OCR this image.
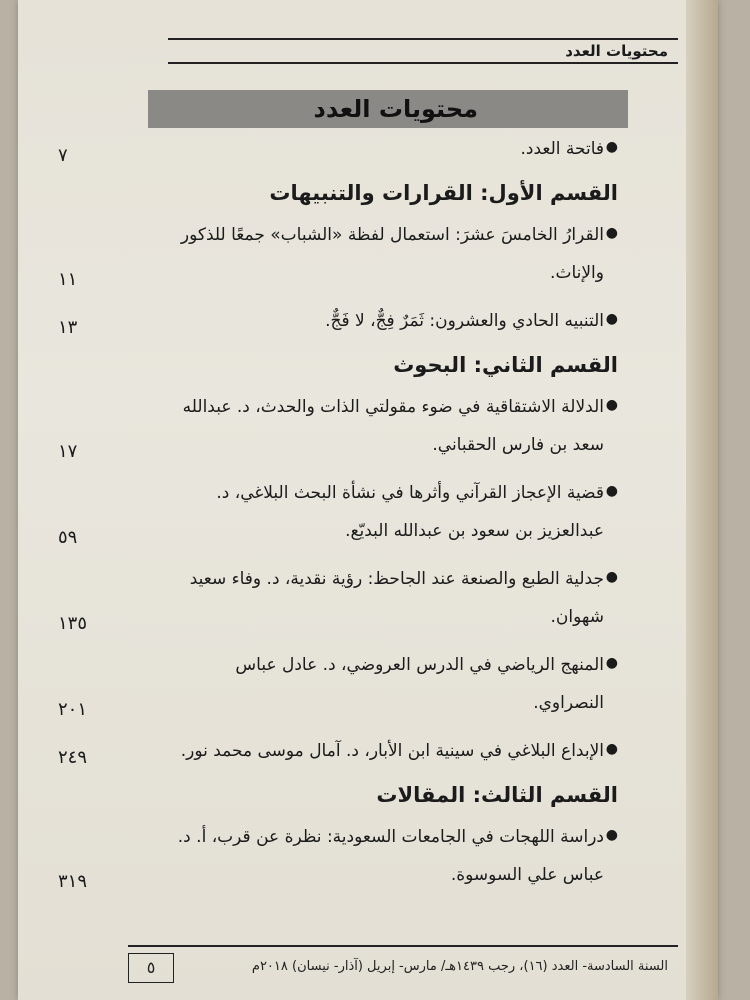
محتويات العدد
محتويات العدد
●
فاتحة العدد.
٧
القسم الأول: القرارات والتنبيهات
●
القرارُ الخامسَ عشرَ: استعمال لفظة «الشباب» جمعًا للذكور والإناث.
١١
●
التنبيه الحادي والعشرون: ثَمَرٌ فِجٌّ، لا فَجٌّ.
١٣
القسم الثاني: البحوث
●
الدلالة الاشتقاقية في ضوء مقولتي الذات والحدث، د. عبدالله سعد بن فارس الحقباني.
١٧
●
قضية الإعجاز القرآني وأثرها في نشأة البحث البلاغي، د. عبدالعزيز بن سعود بن عبدالله البديّع.
٥٩
●
جدلية الطبع والصنعة عند الجاحظ: رؤية نقدية، د. وفاء سعيد شهوان.
١٣٥
●
المنهج الرياضي في الدرس العروضي، د. عادل عباس النصراوي.
٢٠١
●
الإبداع البلاغي في سينية ابن الأبار، د. آمال موسى محمد نور.
٢٤٩
القسم الثالث: المقالات
●
دراسة اللهجات في الجامعات السعودية: نظرة عن قرب، أ. د. عباس علي السوسوة.
٣١٩
السنة السادسة- العدد (١٦)، رجب ١٤٣٩هـ/ مارس- إبريل (آذار- نيسان) ٢٠١٨م
٥
